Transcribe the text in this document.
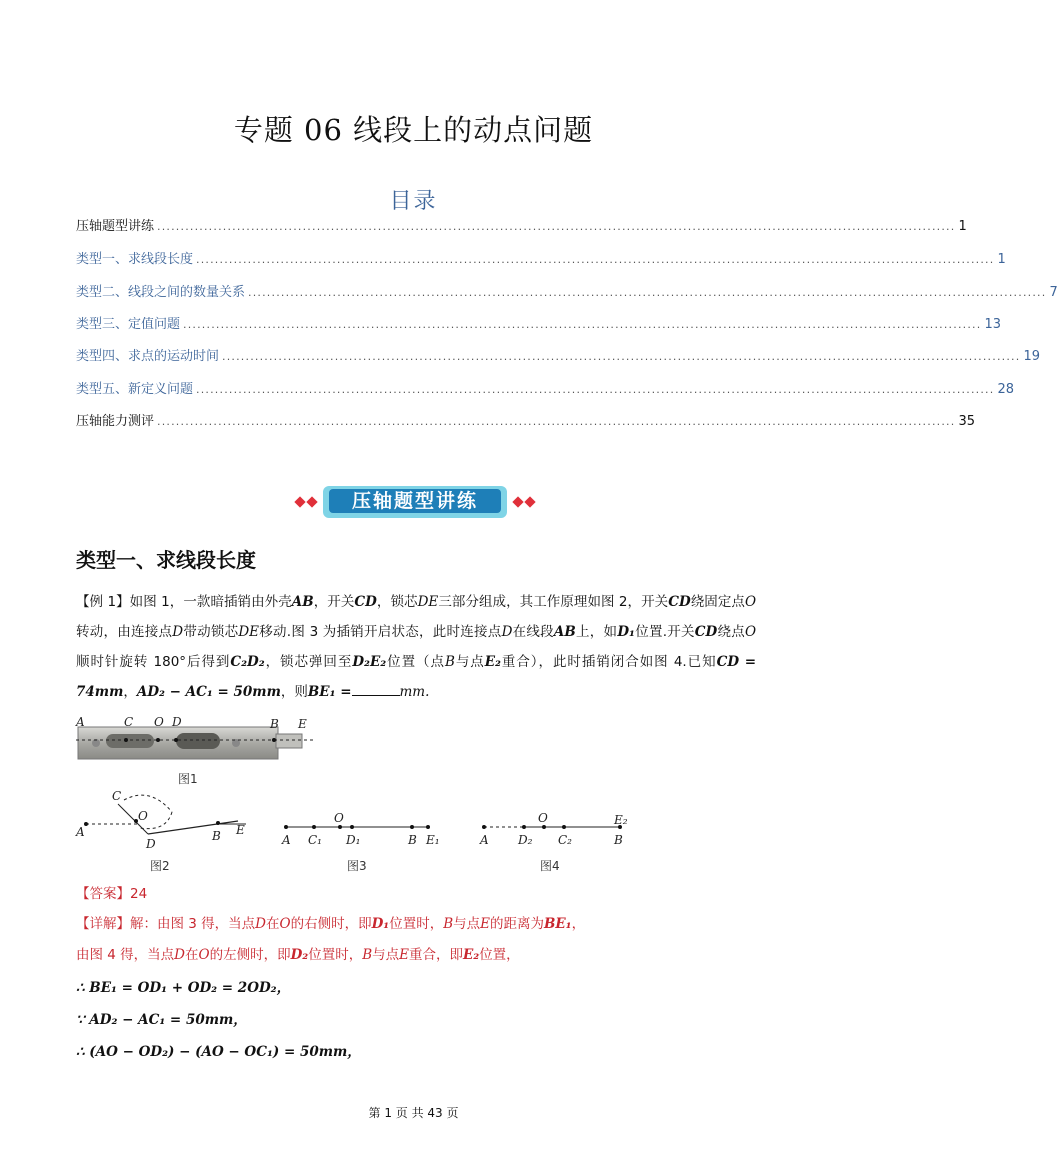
专题 06 线段上的动点问题
目录
压轴题型讲练 .......................................................................................................................................................................... 1
类型一、求线段长度 .......................................................................................................................................................................... 1
类型二、线段之间的数量关系 .......................................................................................................................................................................... 7
类型三、定值问题 .......................................................................................................................................................................... 13
类型四、求点的运动时间 .......................................................................................................................................................................... 19
类型五、新定义问题 .......................................................................................................................................................................... 28
压轴能力测评 .......................................................................................................................................................................... 35
压轴题型讲练
类型一、求线段长度
【例 1】如图 1，一款暗插销由外壳AB，开关CD，锁芯DE三部分组成，其工作原理如图 2，开关CD绕固定点O转动，由连接点D带动锁芯DE移动.图 3 为插销开启状态，此时连接点D在线段AB上，如D₁位置.开关CD绕点O顺时针旋转 180°后得到C₂D₂，锁芯弹回至D₂E₂位置（点B与点E₂重合），此时插销闭合如图 4.已知CD = 74mm，AD₂ − AC₁ = 50mm，则BE₁ =	mm.
A	C O D	B E
图1
C
O
A
D
B E
图2
A C₁
O
D₁	B E₁
图3
A D₂
O
C₂
E₂
B
图4
【答案】24
【详解】解：由图 3 得，当点D在O的右侧时，即D₁位置时，B与点E的距离为BE₁，
由图 4 得，当点D在O的左侧时，即D₂位置时，B与点E重合，即E₂位置，
∴ BE₁ = OD₁ + OD₂ = 2OD₂，
∵ AD₂ − AC₁ = 50mm，
∴ (AO − OD₂) − (AO − OC₁) = 50mm，
第 1 页 共 43 页
